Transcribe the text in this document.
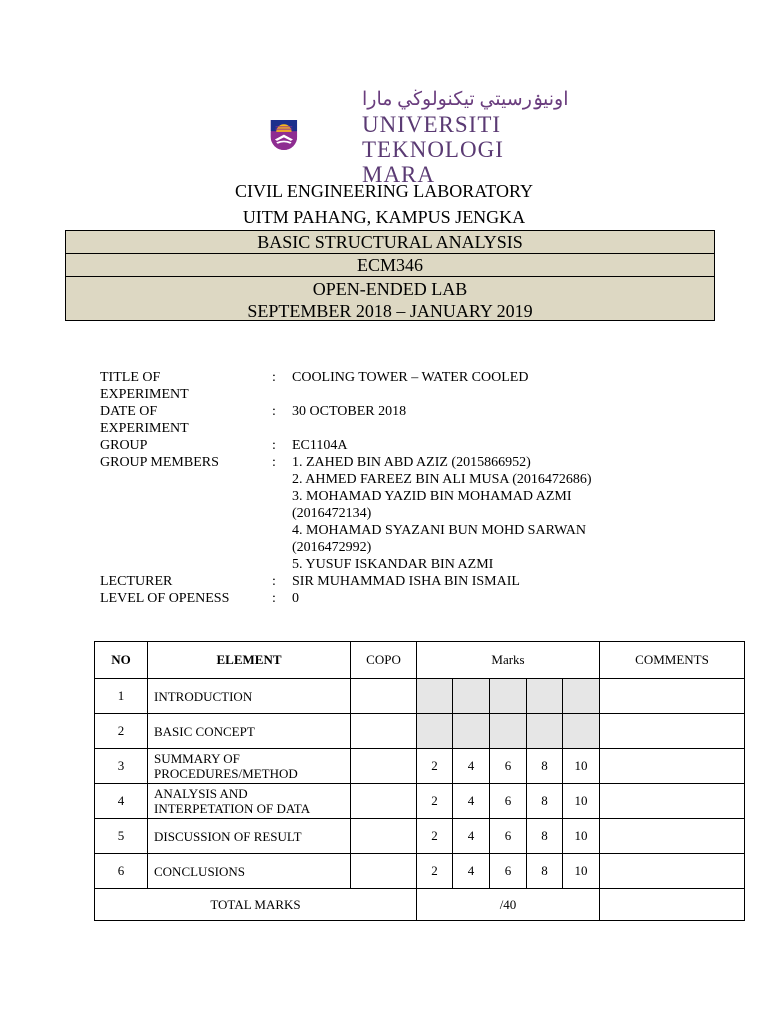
اونيۏرسيتي تيكنولوڬي مارا
UNIVERSITI
TEKNOLOGI
MARA
CIVIL ENGINEERING LABORATORY
UITM PAHANG, KAMPUS JENGKA
BASIC STRUCTURAL ANALYSIS
ECM346
OPEN-ENDED LAB
SEPTEMBER 2018 – JANUARY 2019
TITLE OF
EXPERIMENT
:	COOLING TOWER – WATER COOLED
DATE OF
EXPERIMENT
:	30 OCTOBER 2018
GROUP	:	EC1104A
GROUP MEMBERS	:	1. ZAHED BIN ABD AZIZ (2015866952)
2. AHMED FAREEZ BIN ALI MUSA (2016472686)
3. MOHAMAD YAZID BIN MOHAMAD AZMI
(2016472134)
4. MOHAMAD SYAZANI BUN MOHD SARWAN
(2016472992)
5. YUSUF ISKANDAR BIN AZMI
LECTURER	:	SIR MUHAMMAD ISHA BIN ISMAIL
LEVEL OF OPENESS	:	0
NO	ELEMENT	COPO	Marks					COMMENTS
1	INTRODUCTION							

2	BASIC CONCEPT							

3	SUMMARY OF
PROCEDURES/METHOD		2	4	6	8	10	
4	ANALYSIS AND
INTERPETATION OF DATA		2	4	6	8	10	
5	DISCUSSION OF RESULT		2	4	6	8	10	
6	CONCLUSIONS		2	4	6	8	10	
TOTAL MARKS			/40					
